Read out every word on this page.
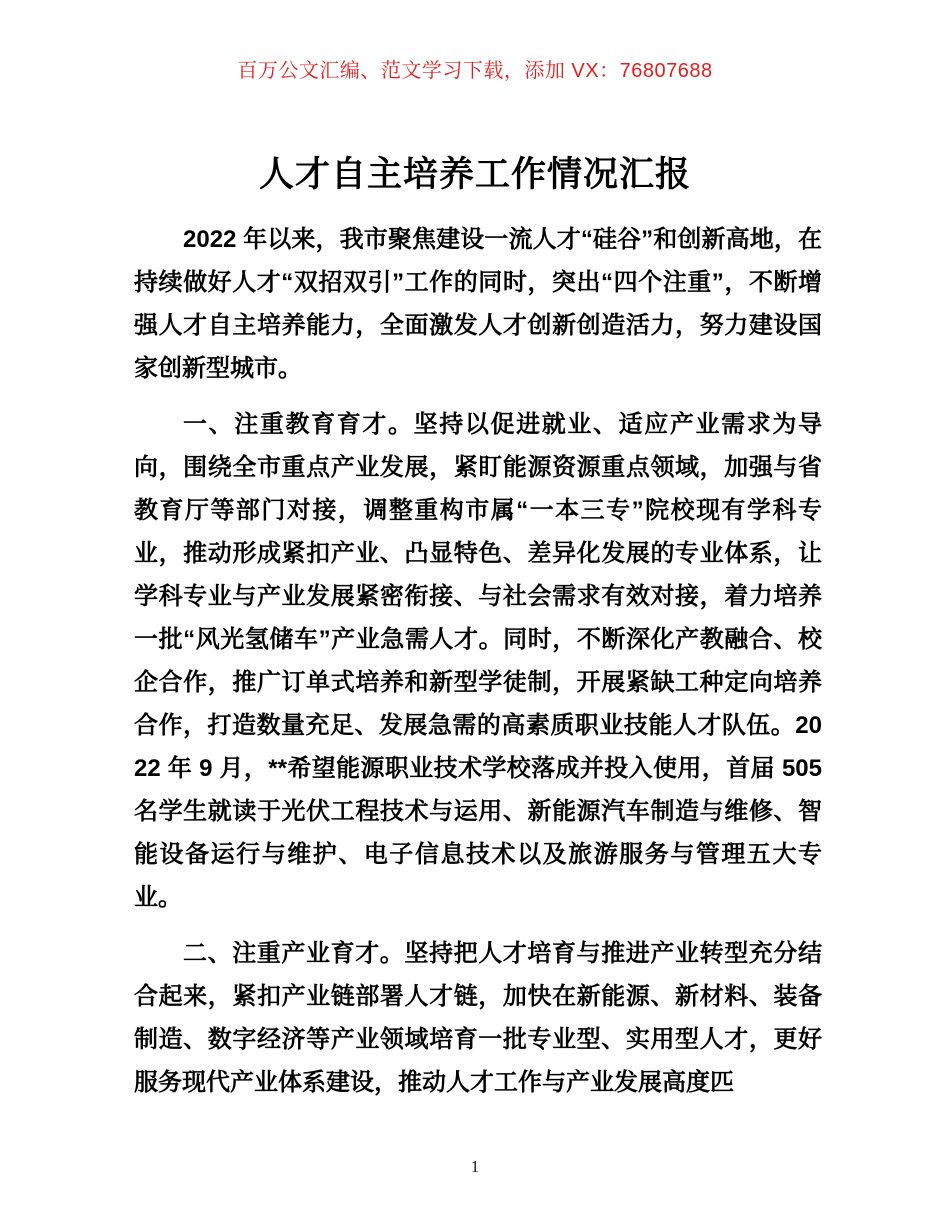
百万公文汇编、范文学习下载，添加 VX：76807688
人才自主培养工作情况汇报

2022 年以来，我市聚焦建设一流人才“硅谷”和创新高地，在持续做好人才“双招双引”工作的同时，突出“四个注重”，不断增强人才自主培养能力，全面激发人才创新创造活力，努力建设国家创新型城市。

一、注重教育育才。坚持以促进就业、适应产业需求为导向，围绕全市重点产业发展，紧盯能源资源重点领域，加强与省教育厅等部门对接，调整重构市属“一本三专”院校现有学科专业，推动形成紧扣产业、凸显特色、差异化发展的专业体系，让学科专业与产业发展紧密衔接、与社会需求有效对接，着力培养一批“风光氢储车”产业急需人才。同时，不断深化产教融合、校企合作，推广订单式培养和新型学徒制，开展紧缺工种定向培养合作，打造数量充足、发展急需的高素质职业技能人才队伍。2022 年 9 月，**希望能源职业技术学校落成并投入使用，首届 505 名学生就读于光伏工程技术与运用、新能源汽车制造与维修、智能设备运行与维护、电子信息技术以及旅游服务与管理五大专业。

二、注重产业育才。坚持把人才培育与推进产业转型充分结合起来，紧扣产业链部署人才链，加快在新能源、新材料、装备制造、数字经济等产业领域培育一批专业型、实用型人才，更好服务现代产业体系建设，推动人才工作与产业发展高度匹

1
